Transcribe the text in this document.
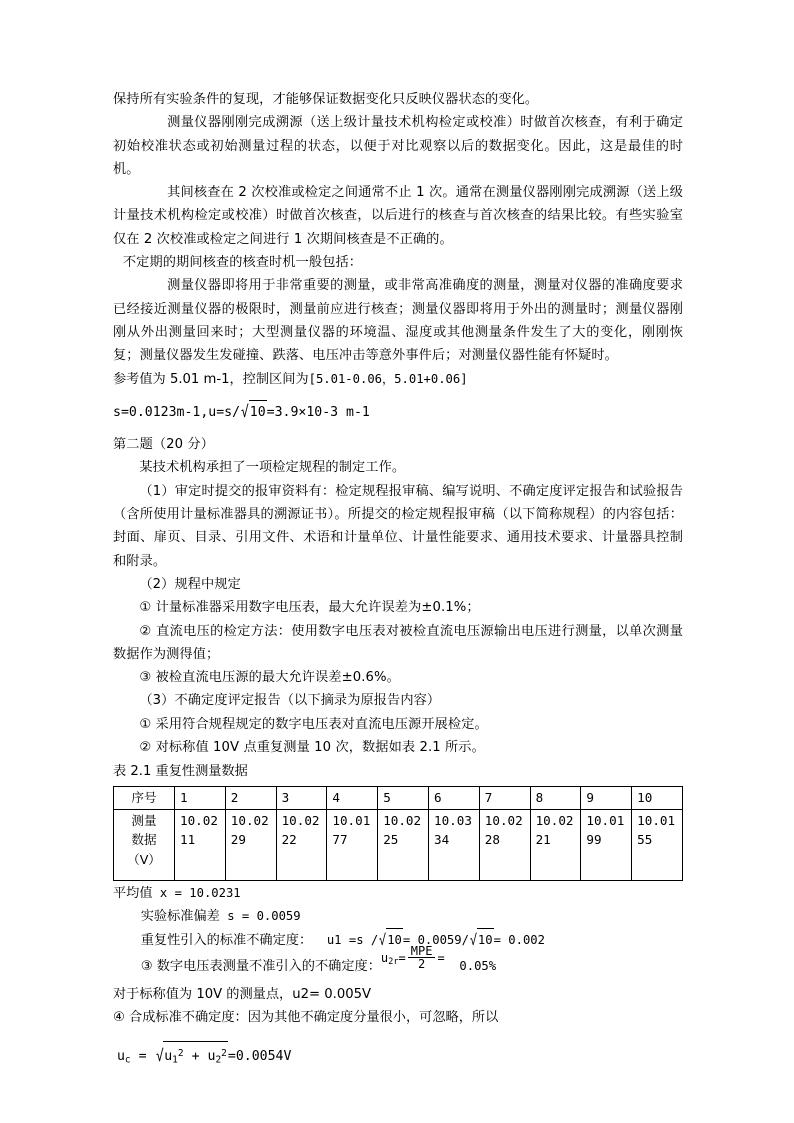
保持所有实验条件的复现，才能够保证数据变化只反映仪器状态的变化。

测量仪器刚刚完成溯源（送上级计量技术机构检定或校准）时做首次核查，有利于确定初始校准状态或初始测量过程的状态，以便于对比观察以后的数据变化。因此，这是最佳的时机。

其间核查在 2 次校准或检定之间通常不止 1 次。通常在测量仪器刚刚完成溯源（送上级计量技术机构检定或校准）时做首次核查，以后进行的核查与首次核查的结果比较。有些实验室仅在 2 次校准或检定之间进行 1 次期间核查是不正确的。

不定期的期间核查的核查时机一般包括：

测量仪器即将用于非常重要的测量，或非常高准确度的测量，测量对仪器的准确度要求已经接近测量仪器的极限时，测量前应进行核查；测量仪器即将用于外出的测量时；测量仪器刚刚从外出测量回来时；大型测量仪器的环境温、湿度或其他测量条件发生了大的变化，刚刚恢复；测量仪器发生发碰撞、跌落、电压冲击等意外事件后；对测量仪器性能有怀疑时。

参考值为 5.01 m-1，控制区间为[5.01-0.06，5.01+0.06]

s=0.0123m-1,u=s/√10=3.9×10-3 m-1

第二题（20 分）

某技术机构承担了一项检定规程的制定工作。

（1）审定时提交的报审资料有：检定规程报审稿、编写说明、不确定度评定报告和试验报告（含所使用计量标准器具的溯源证书）。所提交的检定规程报审稿（以下简称规程）的内容包括：封面、扉页、目录、引用文件、术语和计量单位、计量性能要求、通用技术要求、计量器具控制和附录。

（2）规程中规定

① 计量标准器采用数字电压表，最大允许误差为±0.1%；

② 直流电压的检定方法：使用数字电压表对被检直流电压源输出电压进行测量，以单次测量数据作为测得值；

③ 被检直流电压源的最大允许误差±0.6%。

（3）不确定度评定报告（以下摘录为原报告内容）

① 采用符合规程规定的数字电压表对直流电压源开展检定。

② 对标称值 10V 点重复测量 10 次，数据如表 2.1 所示。

表 2.1 重复性测量数据

序号	1	2	3	4	5	6	7	8	9	10
测量
数据
（V）	10.0211	10.0229	10.0222	10.0177	10.0225	10.0334	10.0228	10.0221	10.0199	10.0155

平均值 x = 10.0231

实验标准偏差 s = 0.0059

重复性引入的标准不确定度： u1 =s /√10= 0.0059/√10= 0.002

③ 数字电压表测量不准引入的不确定度：$u_{2r}= \frac{\text{MPE}}{2} = 0.05\%$

对于标称值为 10V 的测量点，u2= 0.005V

④ 合成标准不确定度：因为其他不确定度分量很小，可忽略，所以

$u_c = √u_1^2 + u_2^2=0.0054V$
